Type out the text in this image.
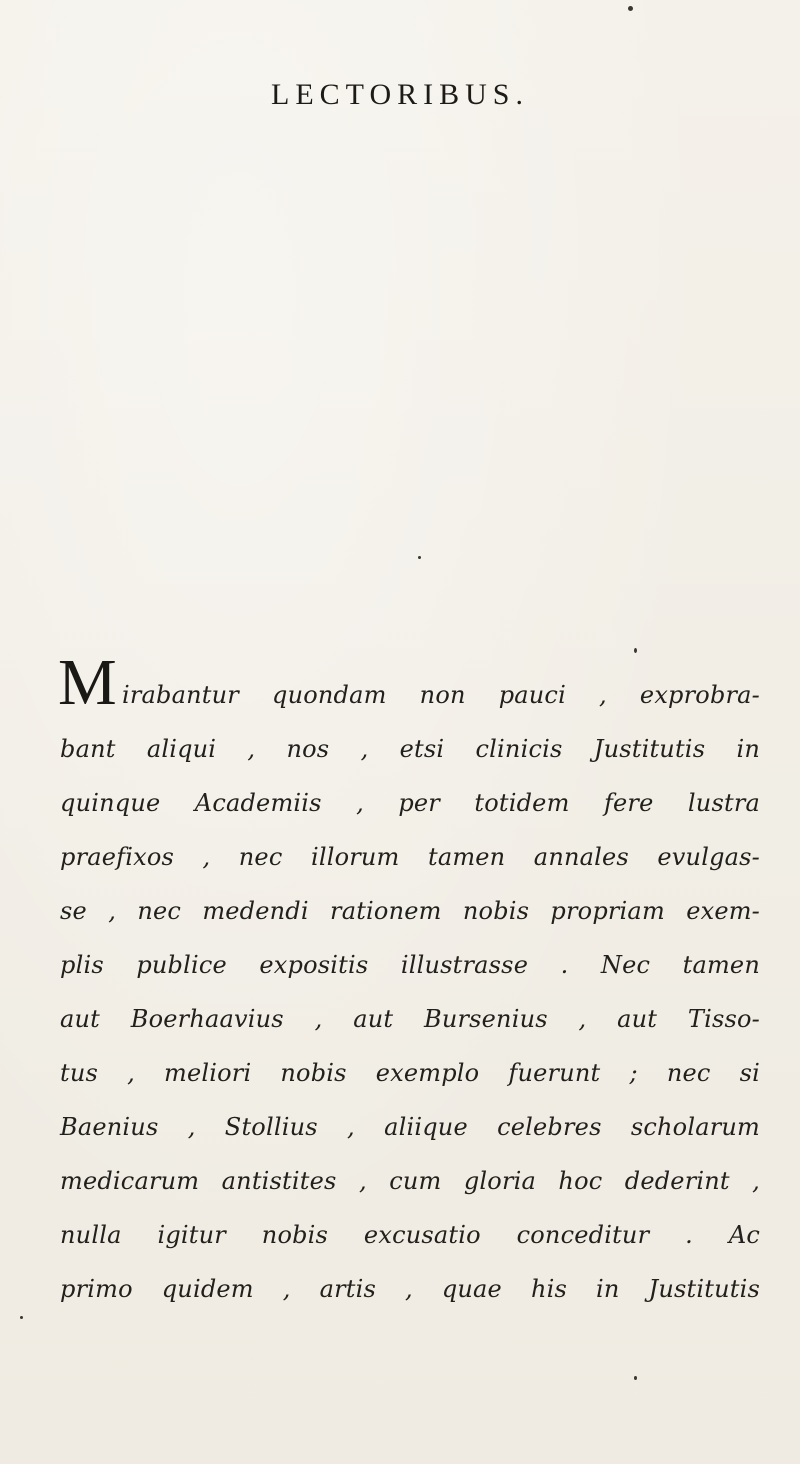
LECTORIBUS.
M irabantur quondam non pauci , exprobra-
bant aliqui , nos , etsi clinicis Justitutis in
quinque Academiis , per totidem fere lustra
praefixos , nec illorum tamen annales evulgas-
se , nec medendi rationem nobis propriam exem-
plis publice expositis illustrasse . Nec tamen
aut Boerhaavius , aut Bursenius , aut Tisso-
tus , meliori nobis exemplo fuerunt ; nec si
Baenius , Stollius , aliique celebres scholarum
medicarum antistites , cum gloria hoc dederint ,
nulla igitur nobis excusatio conceditur . Ac
primo quidem , artis , quae his in Justitutis
